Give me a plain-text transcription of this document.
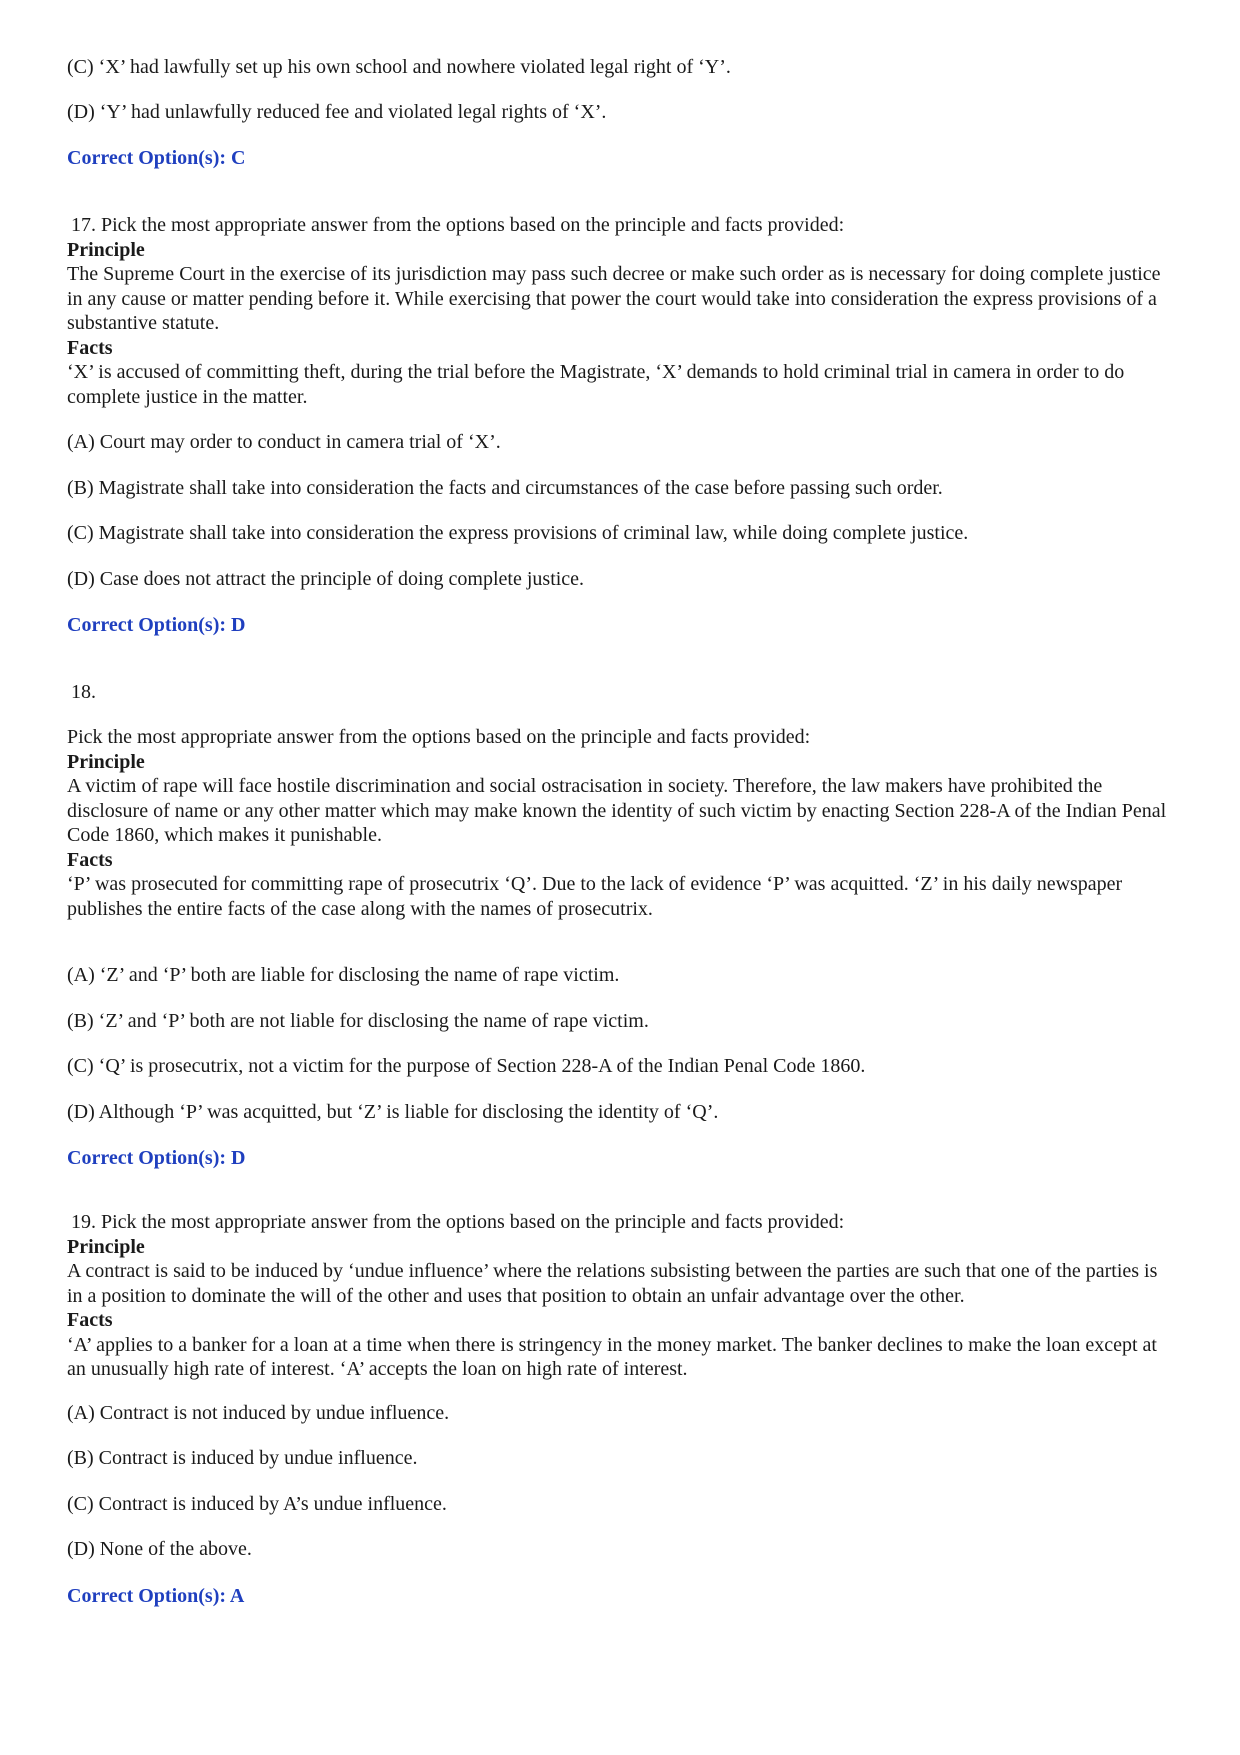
(C) ‘X’ had lawfully set up his own school and nowhere violated legal right of ‘Y’.

(D) ‘Y’ had unlawfully reduced fee and violated legal rights of ‘X’.

Correct Option(s): C

17. Pick the most appropriate answer from the options based on the principle and facts provided:

Principle

The Supreme Court in the exercise of its jurisdiction may pass such decree or make such order as is necessary for doing complete justice in any cause or matter pending before it. While exercising that power the court would take into consideration the express provisions of a substantive statute.

Facts

‘X’ is accused of committing theft, during the trial before the Magistrate, ‘X’ demands to hold criminal trial in camera in order to do complete justice in the matter.

(A) Court may order to conduct in camera trial of ‘X’.

(B) Magistrate shall take into consideration the facts and circumstances of the case before passing such order.

(C) Magistrate shall take into consideration the express provisions of criminal law, while doing complete justice.

(D) Case does not attract the principle of doing complete justice.

Correct Option(s): D

18.

Pick the most appropriate answer from the options based on the principle and facts provided:

Principle

A victim of rape will face hostile discrimination and social ostracisation in society. Therefore, the law makers have prohibited the disclosure of name or any other matter which may make known the identity of such victim by enacting Section 228-A of the Indian Penal Code 1860, which makes it punishable.

Facts

‘P’ was prosecuted for committing rape of prosecutrix ‘Q’. Due to the lack of evidence ‘P’ was acquitted. ‘Z’ in his daily newspaper publishes the entire facts of the case along with the names of prosecutrix.

(A) ‘Z’ and ‘P’ both are liable for disclosing the name of rape victim.

(B) ‘Z’ and ‘P’ both are not liable for disclosing the name of rape victim.

(C) ‘Q’ is prosecutrix, not a victim for the purpose of Section 228-A of the Indian Penal Code 1860.

(D) Although ‘P’ was acquitted, but ‘Z’ is liable for disclosing the identity of ‘Q’.

Correct Option(s): D

19. Pick the most appropriate answer from the options based on the principle and facts provided:

Principle

A contract is said to be induced by ‘undue influence’ where the relations subsisting between the parties are such that one of the parties is in a position to dominate the will of the other and uses that position to obtain an unfair advantage over the other.

Facts

‘A’ applies to a banker for a loan at a time when there is stringency in the money market. The banker declines to make the loan except at an unusually high rate of interest. ‘A’ accepts the loan on high rate of interest.

(A) Contract is not induced by undue influence.

(B) Contract is induced by undue influence.

(C) Contract is induced by A’s undue influence.

(D) None of the above.

Correct Option(s): A
